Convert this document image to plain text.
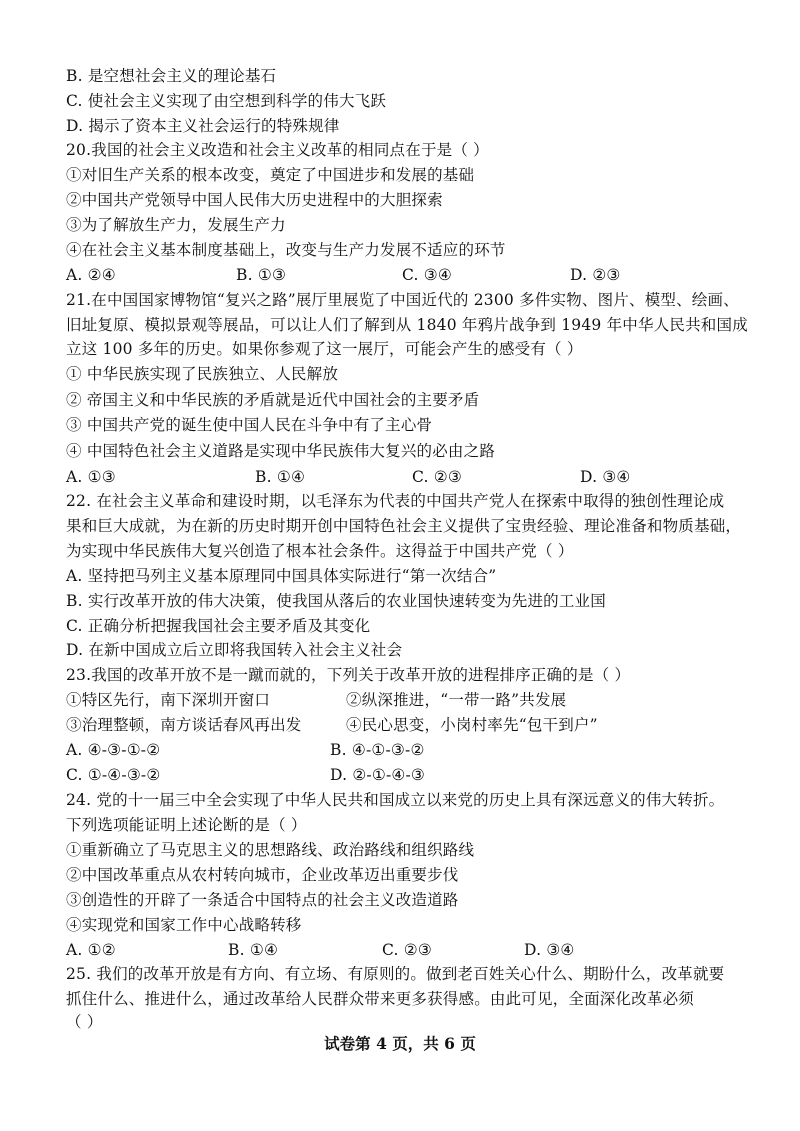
B. 是空想社会主义的理论基石
C. 使社会主义实现了由空想到科学的伟大飞跃
D. 揭示了资本主义社会运行的特殊规律
20.我国的社会主义改造和社会主义改革的相同点在于是（ ）
①对旧生产关系的根本改变，奠定了中国进步和发展的基础
②中国共产党领导中国人民伟大历史进程中的大胆探索
③为了解放生产力，发展生产力
④在社会主义基本制度基础上，改变与生产力发展不适应的环节
A. ②④	B. ①③	C. ③④	D. ②③
21.在中国国家博物馆“复兴之路”展厅里展览了中国近代的 2300 多件实物、图片、模型、绘画、
旧址复原、模拟景观等展品，可以让人们了解到从 1840 年鸦片战争到 1949 年中华人民共和国成
立这 100 多年的历史。如果你参观了这一展厅，可能会产生的感受有（ ）
① 中华民族实现了民族独立、人民解放
② 帝国主义和中华民族的矛盾就是近代中国社会的主要矛盾
③ 中国共产党的诞生使中国人民在斗争中有了主心骨
④ 中国特色社会主义道路是实现中华民族伟大复兴的必由之路
A. ①③	B. ①④	C. ②③	D. ③④
22. 在社会主义革命和建设时期，以毛泽东为代表的中国共产党人在探索中取得的独创性理论成
果和巨大成就，为在新的历史时期开创中国特色社会主义提供了宝贵经验、理论准备和物质基础，
为实现中华民族伟大复兴创造了根本社会条件。这得益于中国共产党（ ）
A. 坚持把马列主义基本原理同中国具体实际进行“第一次结合”
B. 实行改革开放的伟大决策，使我国从落后的农业国快速转变为先进的工业国
C. 正确分析把握我国社会主要矛盾及其变化
D. 在新中国成立后立即将我国转入社会主义社会
23.我国的改革开放不是一蹴而就的，下列关于改革开放的进程排序正确的是（ ）
①特区先行，南下深圳开窗口	②纵深推进，“一带一路”共发展
③治理整顿，南方谈话春风再出发	④民心思变，小岗村率先“包干到户”
A. ④-③-①-②	B. ④-①-③-②
C. ①-④-③-②	D. ②-①-④-③
24. 党的十一届三中全会实现了中华人民共和国成立以来党的历史上具有深远意义的伟大转折。
下列选项能证明上述论断的是（ ）
①重新确立了马克思主义的思想路线、政治路线和组织路线
②中国改革重点从农村转向城市，企业改革迈出重要步伐
③创造性的开辟了一条适合中国特点的社会主义改造道路
④实现党和国家工作中心战略转移
A. ①②	B. ①④	C. ②③	D. ③④
25. 我们的改革开放是有方向、有立场、有原则的。做到老百姓关心什么、期盼什么，改革就要
抓住什么、推进什么，通过改革给人民群众带来更多获得感。由此可见，全面深化改革必须
（ ）
试卷第 4 页，共 6 页
